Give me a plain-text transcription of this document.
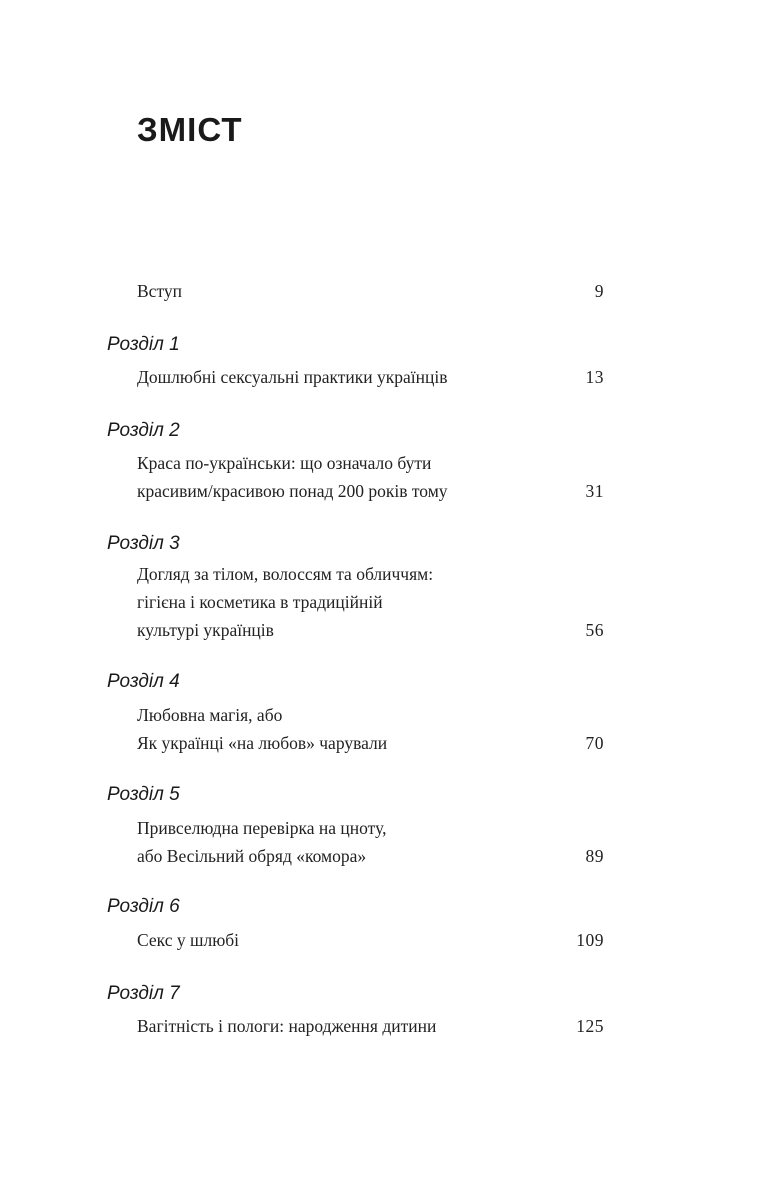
ЗМІСТ
Вступ	9
Розділ 1
Дошлюбні сексуальні практики українців	13
Розділ 2
Краса по-українськи: що означало бути
красивим/красивою понад 200 років тому	31
Розділ 3
Догляд за тілом, волоссям та обличчям:
гігієна і косметика в традиційній
культурі українців	56
Розділ 4
Любовна магія, або
Як українці «на любов» чарували	70
Розділ 5
Привселюдна перевірка на цноту,
або Весільний обряд «комора»	89
Розділ 6
Секс у шлюбі	109
Розділ 7
Вагітність і пологи: народження дитини	125
